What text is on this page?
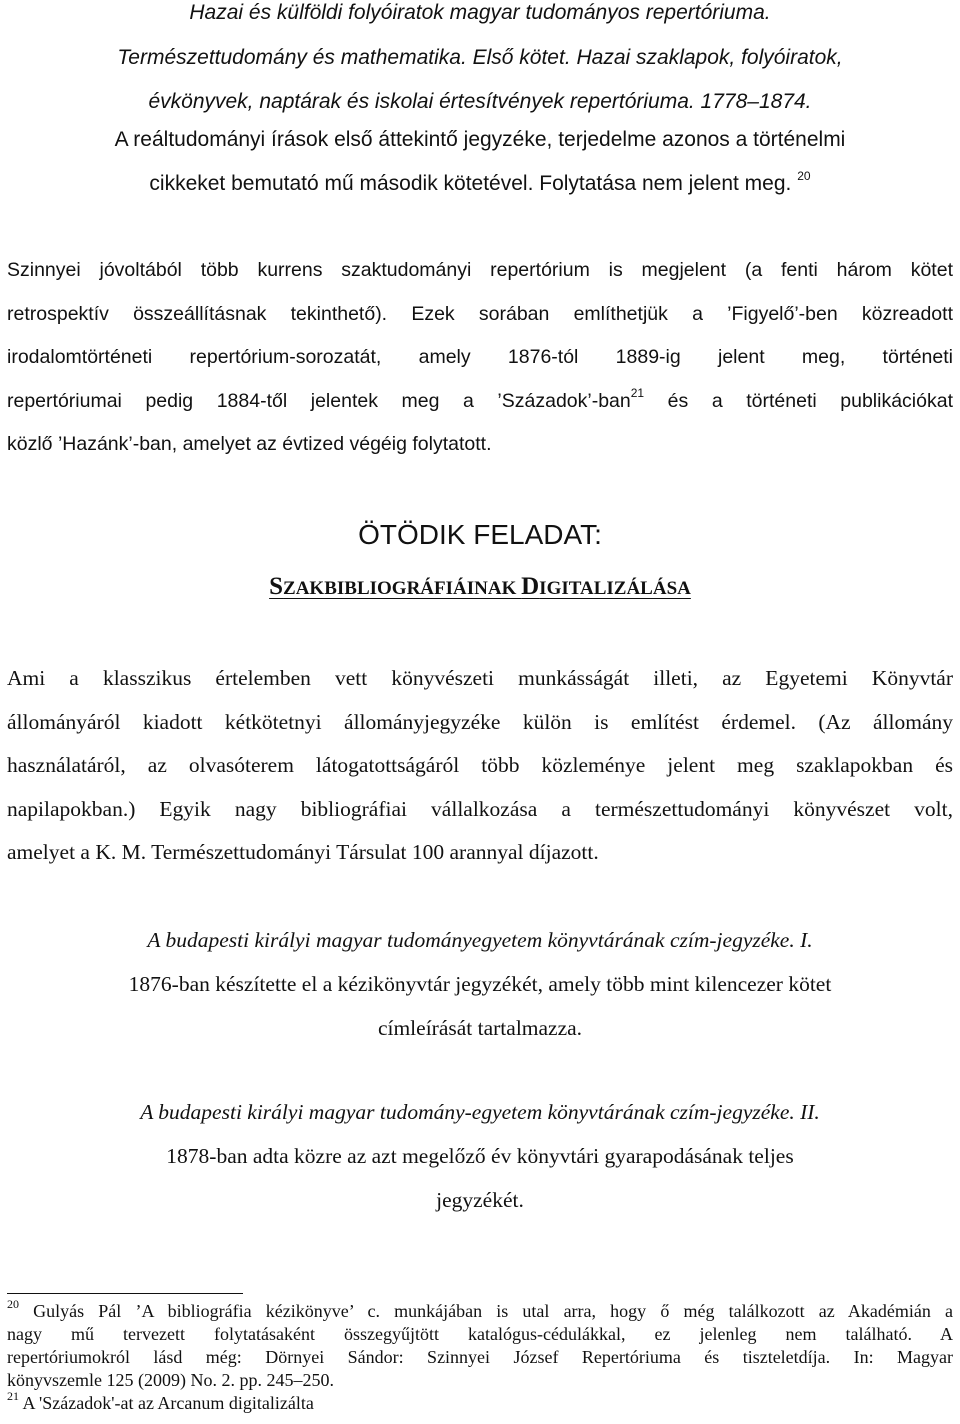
Hazai és külföldi folyóiratok magyar tudományos repertóriuma.
Természettudomány és mathematika. Első kötet. Hazai szaklapok, folyóiratok,
évkönyvek, naptárak és iskolai értesítvények repertóriuma. 1778–1874.
A reáltudományi írások első áttekintő jegyzéke, terjedelme azonos a történelmi
cikkeket bemutató mű második kötetével. Folytatása nem jelent meg. $^{20}$
Szinnyei jóvoltából több kurrens szaktudományi repertórium is megjelent (a fenti három kötet
retrospektív összeállításnak tekinthető). Ezek sorában említhetjük a ’Figyelő’-ben közreadott
irodalomtörténeti repertórium-sorozatát, amely 1876-tól 1889-ig jelent meg, történeti
repertóriumai pedig 1884-től jelentek meg a ’Századok’-ban$^{21}$ és a történeti publikációkat
közlő ’Hazánk’-ban, amelyet az évtized végéig folytatott.
ÖTÖDIK FELADAT:
SZAKBIBLIOGRÁFIÁINAK DIGITALIZÁLÁSA
Ami a klasszikus értelemben vett könyvészeti munkásságát illeti, az Egyetemi Könyvtár
állományáról kiadott kétkötetnyi állományjegyzéke külön is említést érdemel. (Az állomány
használatáról, az olvasóterem látogatottságáról több közleménye jelent meg szaklapokban és
napilapokban.) Egyik nagy bibliográfiai vállalkozása a természettudományi könyvészet volt,
amelyet a K. M. Természettudományi Társulat 100 arannyal díjazott.
A budapesti királyi magyar tudományegyetem könyvtárának czím-jegyzéke. I.
1876-ban készítette el a kézikönyvtár jegyzékét, amely több mint kilencezer kötet
címleírását tartalmazza.
A budapesti királyi magyar tudomány-egyetem könyvtárának czím-jegyzéke. II.
1878-ban adta közre az azt megelőző év könyvtári gyarapodásának teljes
jegyzékét.
$^{20}$ Gulyás Pál ’A bibliográfia kézikönyve’ c. munkájában is utal arra, hogy ő még találkozott az Akadémián a
nagy mű tervezett folytatásaként összegyűjtött katalógus-cédulákkal, ez jelenleg nem található. A
repertóriumokról lásd még: Dörnyei Sándor: Szinnyei József Repertóriuma és tiszteletdíja. In: Magyar
könyvszemle 125 (2009) No. 2. pp. 245–250.
$^{21}$ A 'Századok'-at az Arcanum digitalizálta
